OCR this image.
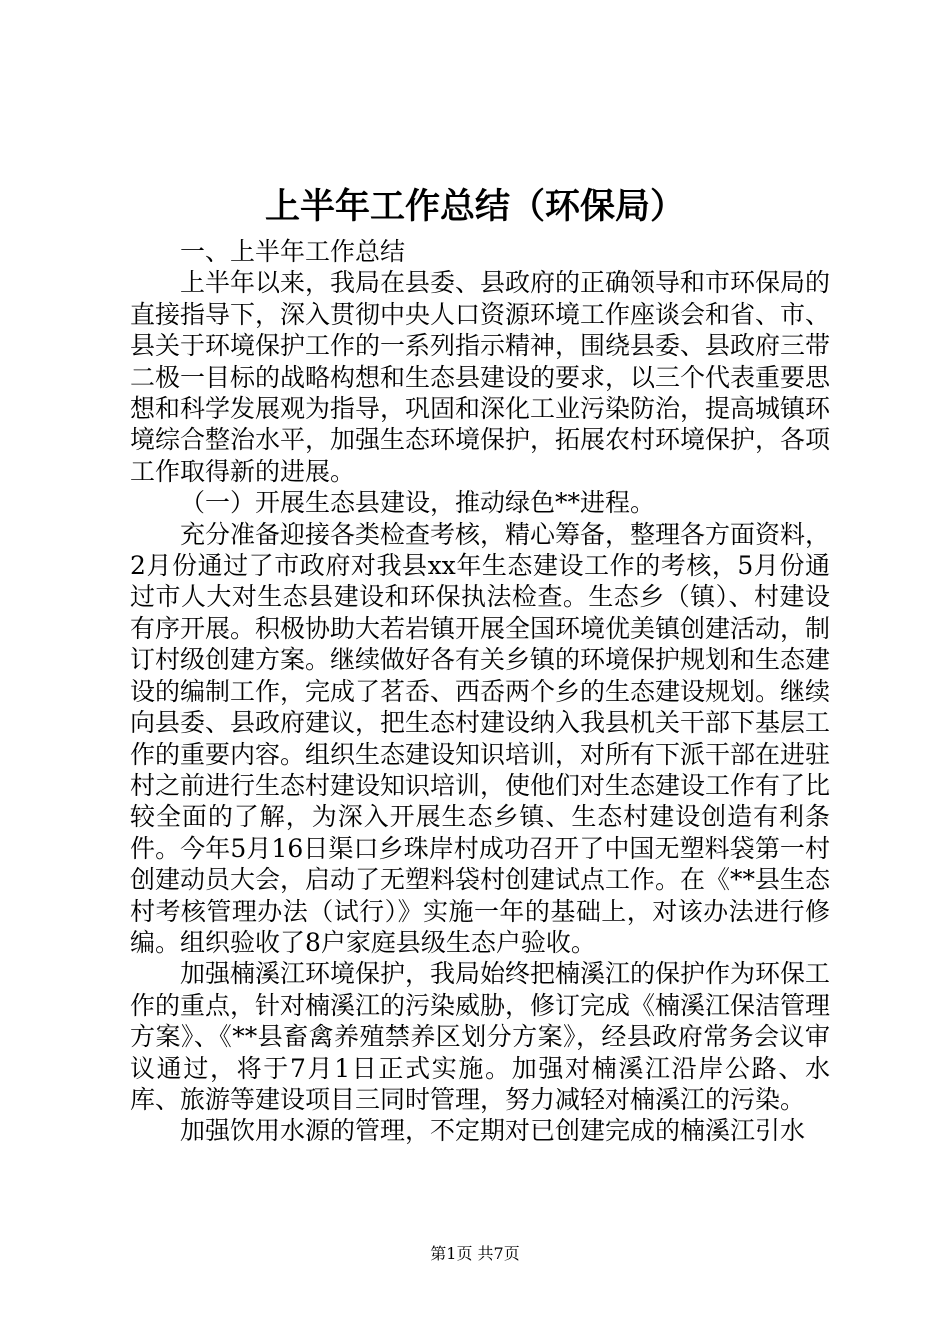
上半年工作总结（环保局）

一、上半年工作总结

上半年以来，我局在县委、县政府的正确领导和市环保局的直接指导下，深入贯彻中央人口资源环境工作座谈会和省、市、县关于环境保护工作的一系列指示精神，围绕县委、县政府三带二极一目标的战略构想和生态县建设的要求，以三个代表重要思想和科学发展观为指导，巩固和深化工业污染防治，提高城镇环境综合整治水平，加强生态环境保护，拓展农村环境保护，各项工作取得新的进展。

（一）开展生态县建设，推动绿色**进程。

充分准备迎接各类检查考核，精心筹备，整理各方面资料，2月份通过了市政府对我县xx年生态建设工作的考核，5月份通过市人大对生态县建设和环保执法检查。生态乡（镇）、村建设有序开展。积极协助大若岩镇开展全国环境优美镇创建活动，制订村级创建方案。继续做好各有关乡镇的环境保护规划和生态建设的编制工作，完成了茗岙、西岙两个乡的生态建设规划。继续向县委、县政府建议，把生态村建设纳入我县机关干部下基层工作的重要内容。组织生态建设知识培训，对所有下派干部在进驻村之前进行生态村建设知识培训，使他们对生态建设工作有了比较全面的了解，为深入开展生态乡镇、生态村建设创造有利条件。今年5月16日渠口乡珠岸村成功召开了中国无塑料袋第一村创建动员大会，启动了无塑料袋村创建试点工作。在《**县生态村考核管理办法（试行）》实施一年的基础上，对该办法进行修编。组织验收了8户家庭县级生态户验收。

加强楠溪江环境保护，我局始终把楠溪江的保护作为环保工作的重点，针对楠溪江的污染威胁，修订完成《楠溪江保洁管理方案》、《**县畜禽养殖禁养区划分方案》，经县政府常务会议审议通过，将于7月1日正式实施。加强对楠溪江沿岸公路、水库、旅游等建设项目三同时管理，努力减轻对楠溪江的污染。

加强饮用水源的管理，不定期对已创建完成的楠溪江引水

第1页 共7页
